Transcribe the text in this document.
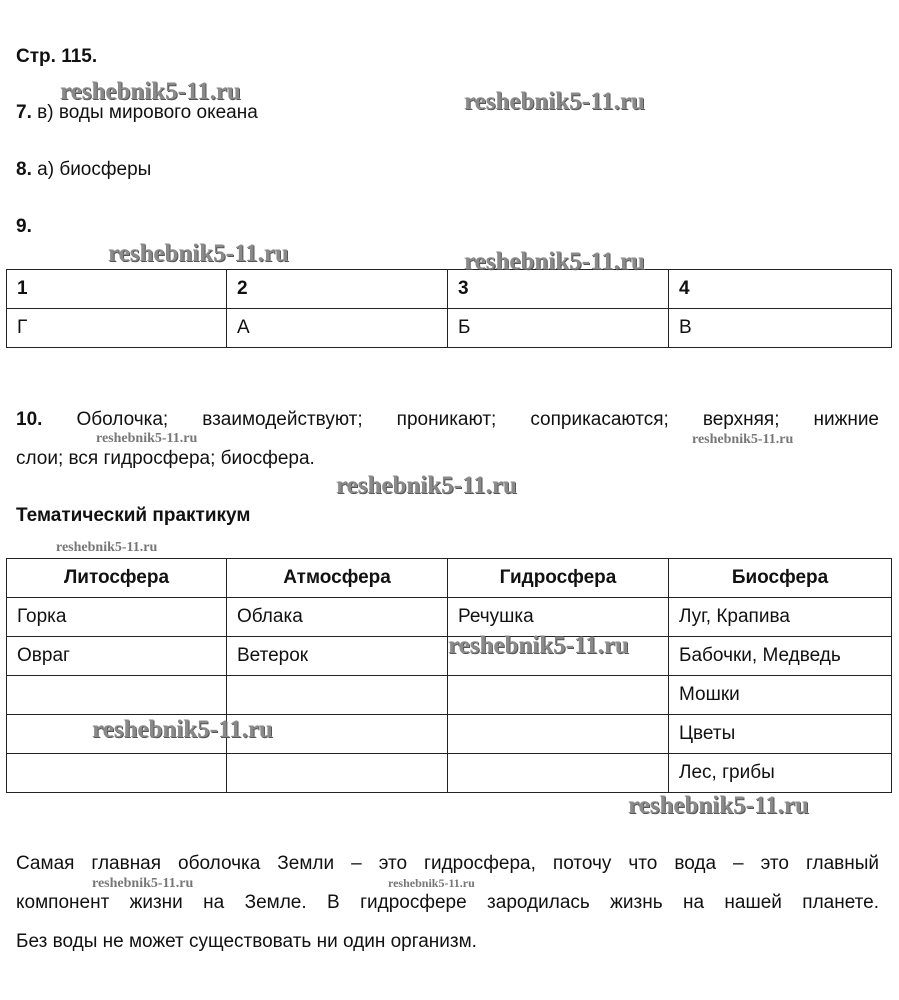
Стр. 115.
7. в) воды мирового океана
8. а) биосферы
9.
1	2	3	4
Г	А	Б	В
10. Оболочка; взаимодействуют; проникают; соприкасаются; верхняя; нижние
слои; вся гидросфера; биосфера.
Тематический практикум
Литосфера	Атмосфера	Гидросфера	Биосфера
Горка	Облака	Речушка	Луг, Крапива
Овраг	Ветерок		Бабочки, Медведь
			Мошки
			Цветы
			Лес, грибы
Самая главная оболочка Земли – это гидросфера, поточу что вода – это главный
компонент жизни на Земле. В гидросфере зародилась жизнь на нашей планете.
Без воды не может существовать ни один организм.
reshebnik5-11.ru	reshebnik5-11.ru
reshebnik5-11.ru	reshebnik5-11.ru
reshebnik5-11.ru	reshebnik5-11.ru
reshebnik5-11.ru
reshebnik5-11.ru
reshebnik5-11.ru
reshebnik5-11.ru
reshebnik5-11.ru
reshebnik5-11.ru	reshebnik5-11.ru
